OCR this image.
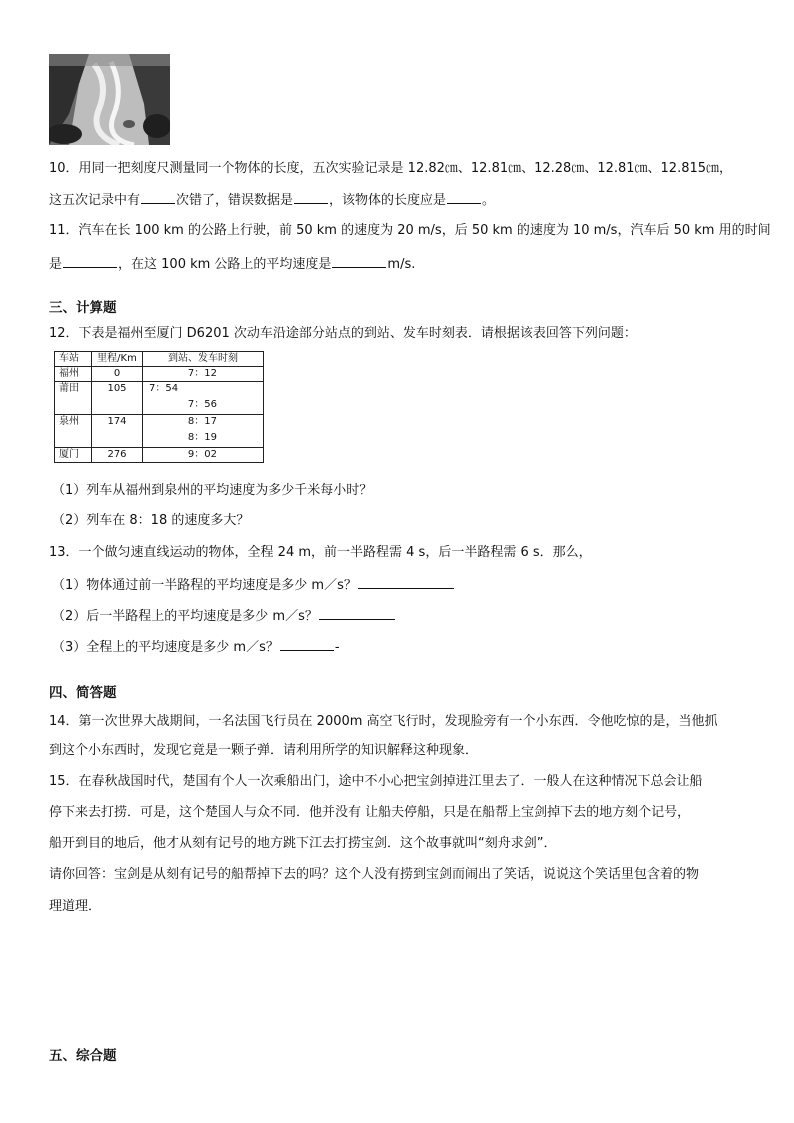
10．用同一把刻度尺测量同一个物体的长度，五次实验记录是 12.82㎝、12.81㎝、12.28㎝、12.81㎝、12.815㎝，
这五次记录中有	次错了，错误数据是	，该物体的长度应是	。
11．汽车在长 100 km 的公路上行驶，前 50 km 的速度为 20 m/s，后 50 km 的速度为 10 m/s，汽车后 50 km 用的时间
是	，在这 100 km 公路上的平均速度是	m/s.
三、计算题
12．下表是福州至厦门 D6201 次动车沿途部分站点的到站、发车时刻表．请根据该表回答下列问题：
车站	里程/Km	到站、发车时刻
福州	0	7：12
莆田	105	7：54
7：56

泉州	174	8：17
8：19

厦门	276	9：02
（1）列车从福州到泉州的平均速度为多少千米每小时？
（2）列车在 8：18 的速度多大？
13．一个做匀速直线运动的物体，全程 24 m，前一半路程需 4 s，后一半路程需 6 s．那么，
（1）物体通过前一半路程的平均速度是多少 m／s？
（2）后一半路程上的平均速度是多少 m／s？
（3）全程上的平均速度是多少 m／s？	-
四、简答题
14．第一次世界大战期间，一名法国飞行员在 2000m 高空飞行时，发现脸旁有一个小东西．令他吃惊的是，当他抓
到这个小东西时，发现它竟是一颗子弹．请利用所学的知识解释这种现象．
15．在春秋战国时代，楚国有个人一次乘船出门，途中不小心把宝剑掉进江里去了．一般人在这种情况下总会让船
停下来去打捞．可是，这个楚国人与众不同．他并没有 让船夫停船，只是在船帮上宝剑掉下去的地方刻个记号，
船开到目的地后，他才从刻有记号的地方跳下江去打捞宝剑．这个故事就叫“刻舟求剑”．
请你回答：宝剑是从刻有记号的船帮掉下去的吗？这个人没有捞到宝剑而闹出了笑话，说说这个笑话里包含着的物
理道理．
五、综合题
